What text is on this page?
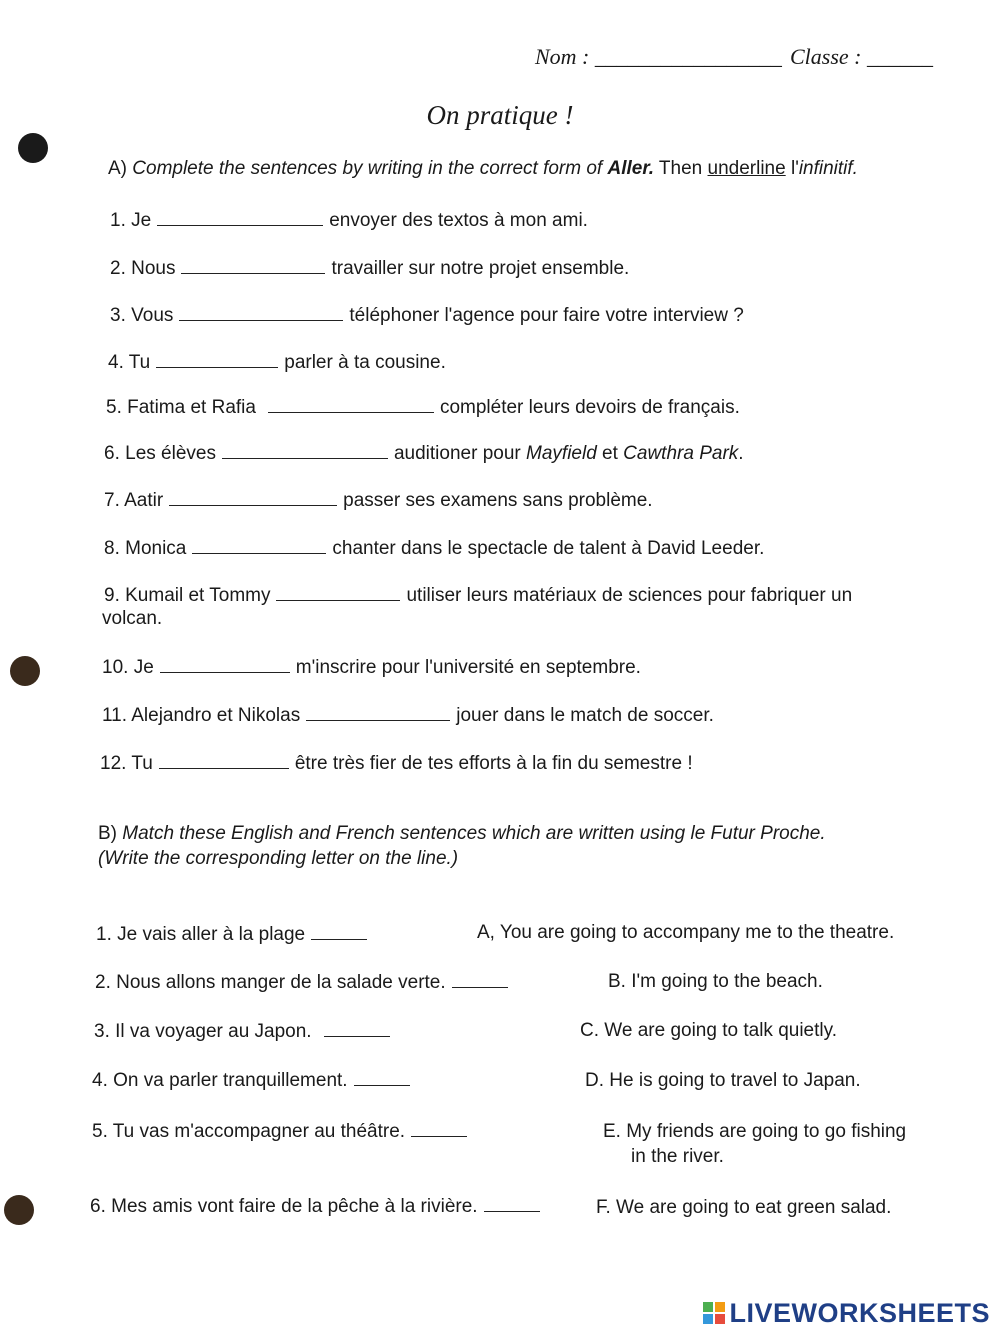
Nom : _________________ Classe : ______
On pratique !
A) Complete the sentences by writing in the correct form of Aller. Then underline l'infinitif.
1. Je	envoyer des textos à mon ami.
2. Nous	travailler sur notre projet ensemble.
3. Vous	téléphoner l'agence pour faire votre interview ?
4. Tu	parler à ta cousine.
5. Fatima et Rafia	compléter leurs devoirs de français.
6. Les élèves	auditioner pour Mayfield et Cawthra Park.
7. Aatir	passer ses examens sans problème.
8. Monica	chanter dans le spectacle de talent à David Leeder.
9. Kumail et Tommy	utiliser leurs matériaux de sciences pour fabriquer un
volcan.
10. Je	m'inscrire pour l'université en septembre.
11. Alejandro et Nikolas	jouer dans le match de soccer.
12. Tu	être très fier de tes efforts à la fin du semestre !
B) Match these English and French sentences which are written using le Futur Proche.
(Write the corresponding letter on the line.)
1. Je vais aller à la plage
2. Nous allons manger de la salade verte.
3. Il va voyager au Japon.
4. On va parler tranquillement.
5. Tu vas m'accompagner au théâtre.
6. Mes amis vont faire de la pêche à la rivière.
A, You are going to accompany me to the theatre.
B. I'm going to the beach.
C. We are going to talk quietly.
D. He is going to travel to Japan.
E. My friends are going to go fishing
in the river.
F. We are going to eat green salad.
LIVEWORKSHEETS
